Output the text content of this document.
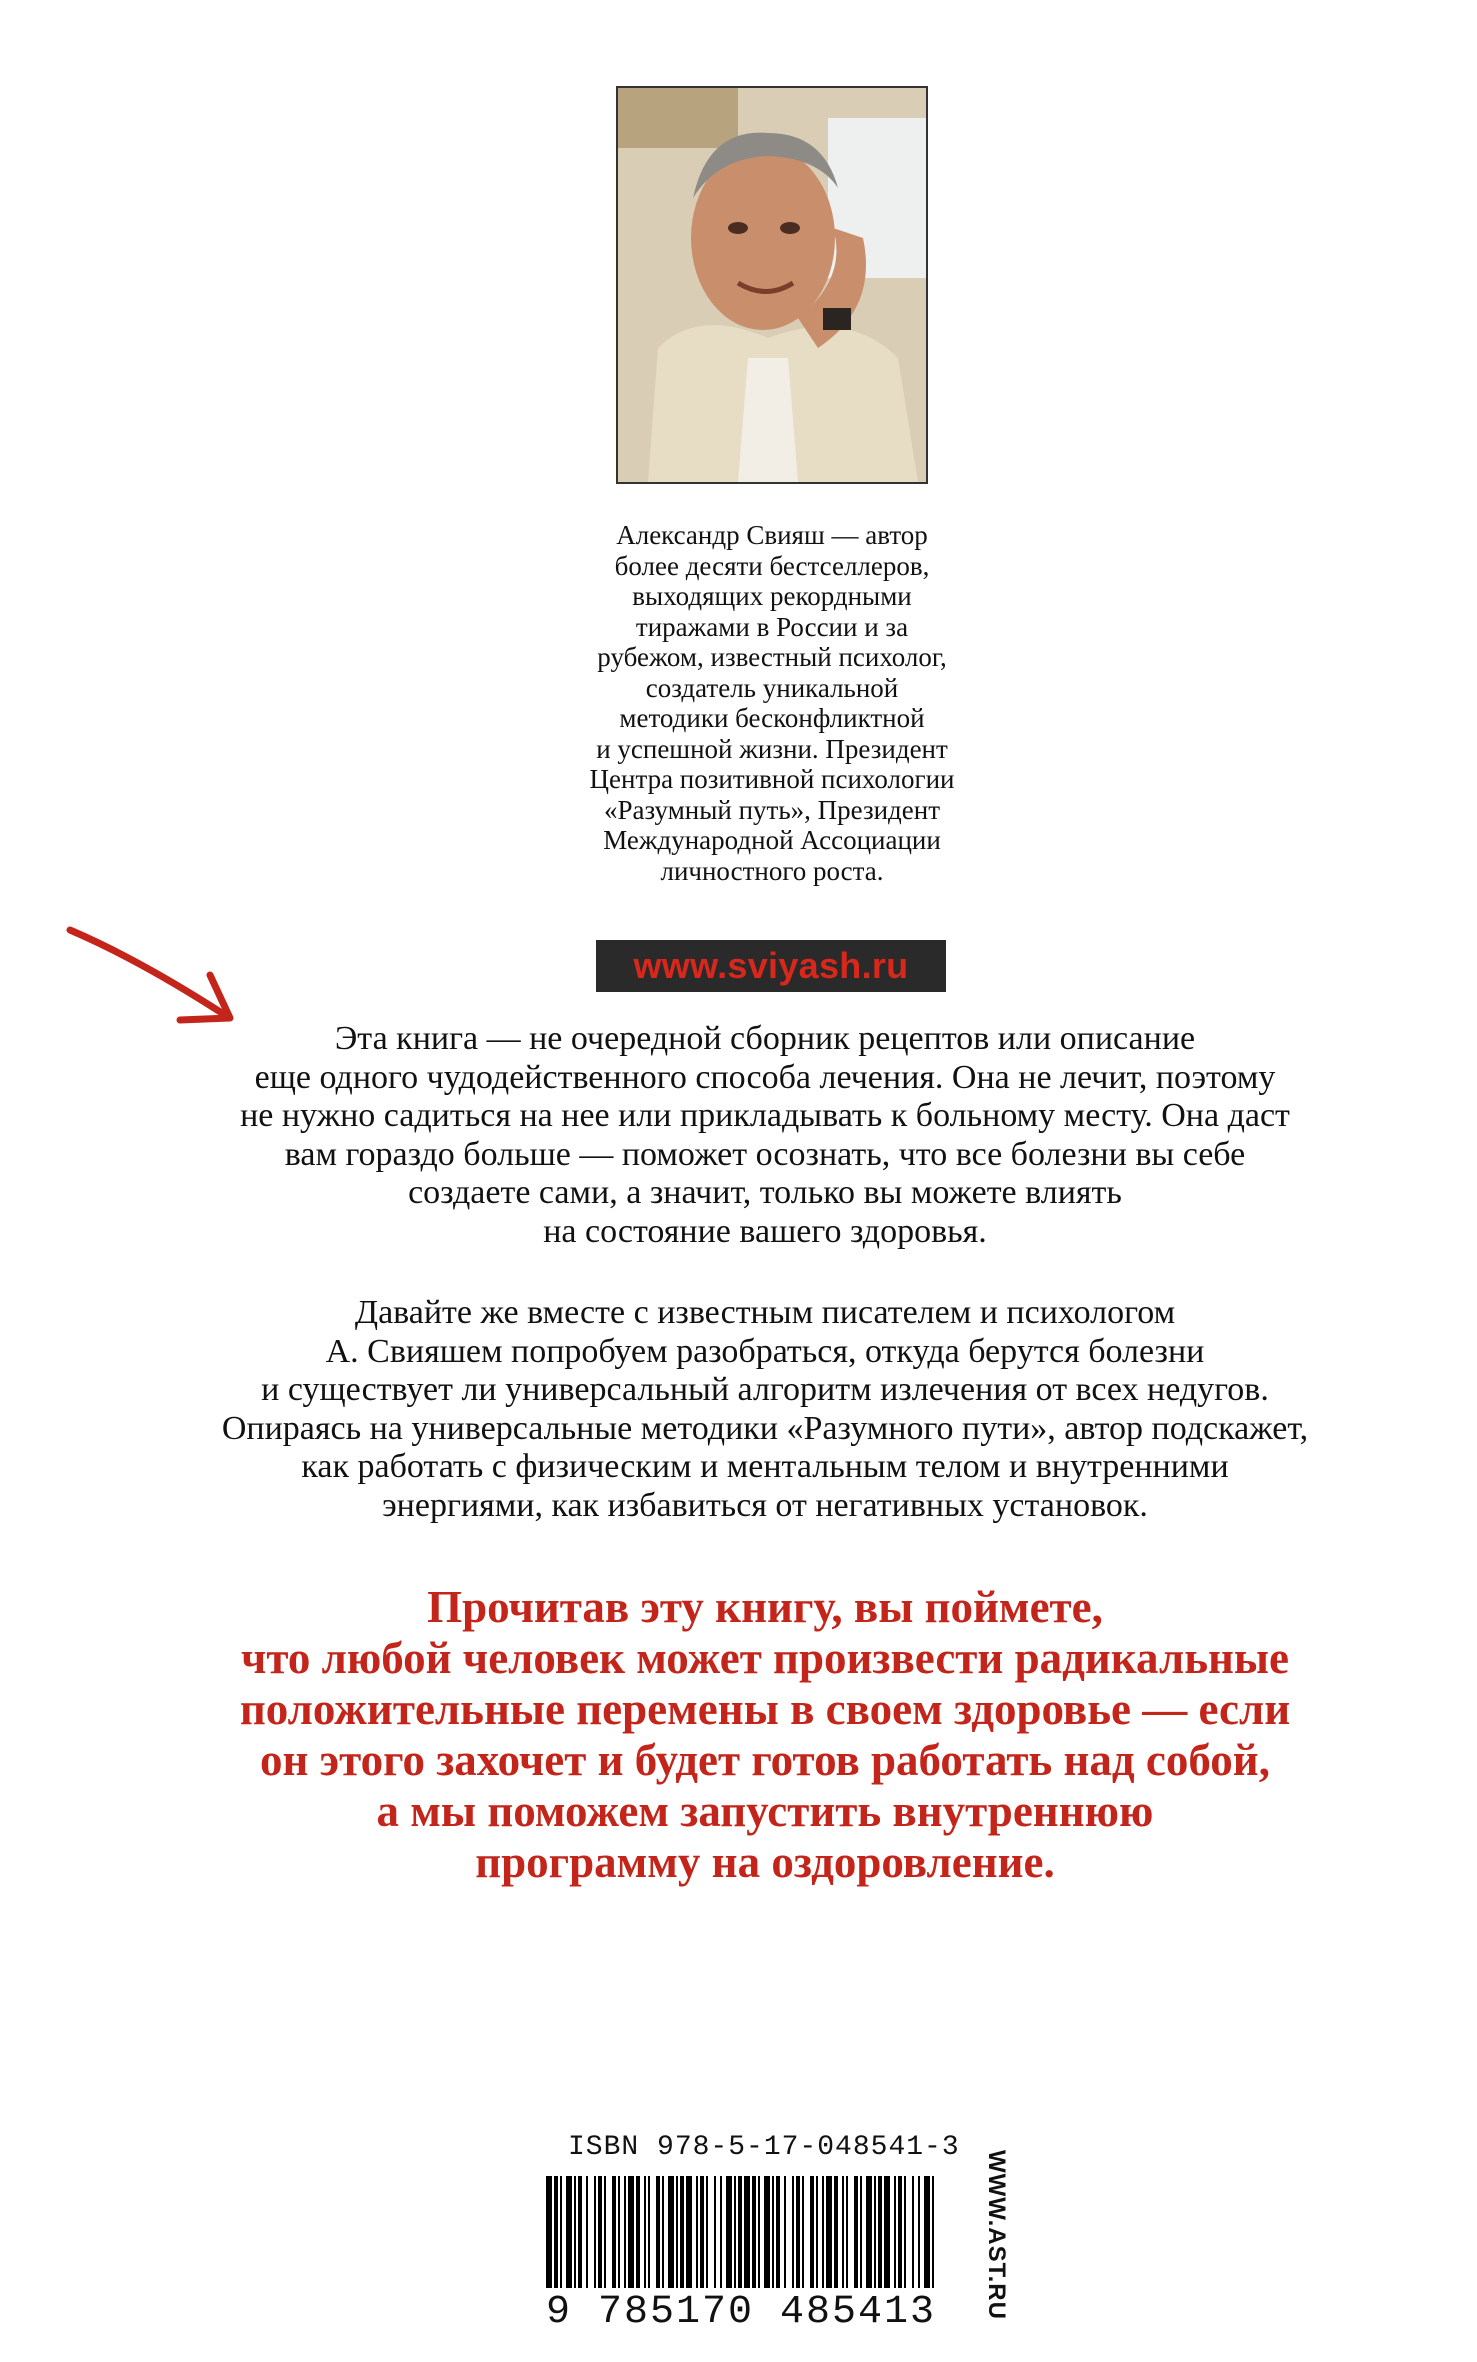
Александр Свияш — автор
более десяти бестселлеров,
выходящих рекордными
тиражами в России и за
рубежом, известный психолог,
создатель уникальной
методики бесконфликтной
и успешной жизни. Президент
Центра позитивной психологии
«Разумный путь», Президент
Международной Ассоциации
личностного роста.
www.sviyash.ru
Эта книга — не очередной сборник рецептов или описание
еще одного чудодейственного способа лечения. Она не лечит, поэтому
не нужно садиться на нее или прикладывать к больному месту. Она даст
вам гораздо больше — поможет осознать, что все болезни вы себе
создаете сами, а значит, только вы можете влиять
на состояние вашего здоровья.
Давайте же вместе с известным писателем и психологом
А. Свияшем попробуем разобраться, откуда берутся болезни
и существует ли универсальный алгоритм излечения от всех недугов.
Опираясь на универсальные методики «Разумного пути», автор подскажет,
как работать с физическим и ментальным телом и внутренними
энергиями, как избавиться от негативных установок.
Прочитав эту книгу, вы поймете,
что любой человек может произвести радикальные
положительные перемены в своем здоровье — если
он этого захочет и будет готов работать над собой,
а мы поможем запустить внутреннюю
программу на оздоровление.
ISBN 978-5-17-048541-3
9 785170 485413	WWW.AST.RU
